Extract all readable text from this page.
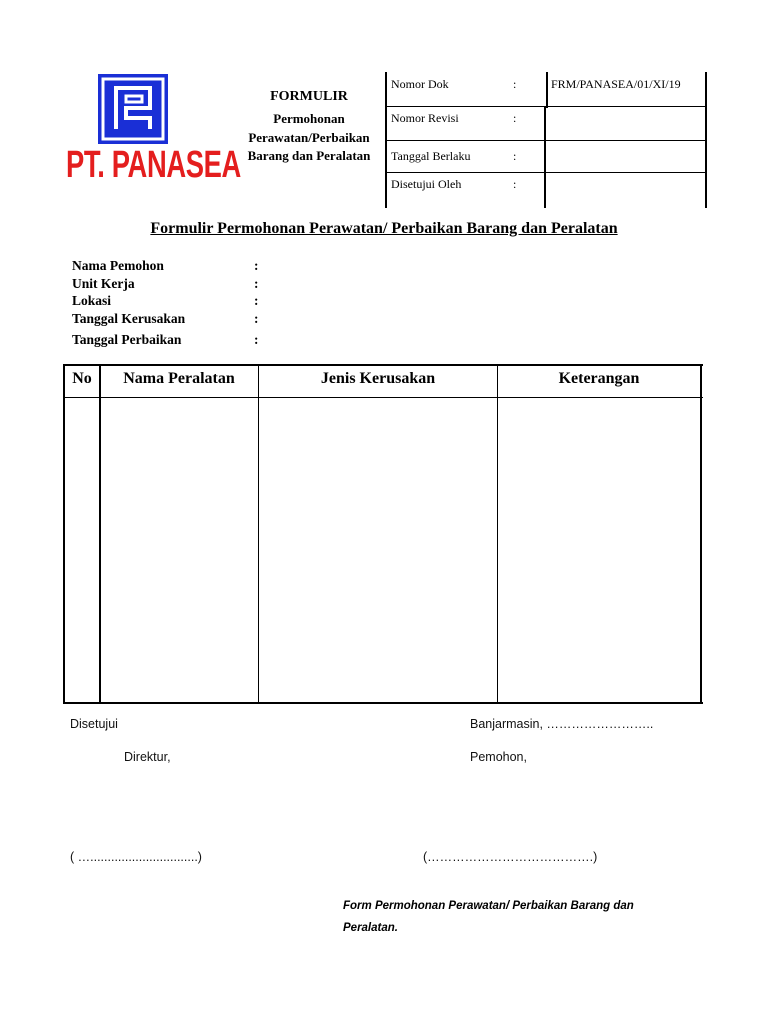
PT. PANASEA
FORMULIR
Permohonan Perawatan/Perbaikan Barang dan Peralatan
Nomor Dok	:	FRM/PANASEA/01/XI/19
Nomor Revisi	:
Tanggal Berlaku	:
Disetujui Oleh	:
Formulir Permohonan Perawatan/ Perbaikan Barang dan Peralatan
Nama Pemohon	:
Unit Kerja	:
Lokasi	:
Tanggal Kerusakan	:
Tanggal Perbaikan	:
No	Nama Peralatan	Jenis Kerusakan	Keterangan
Disetujui	Banjarmasin, ……………………..
Direktur,	Pemohon,
( …...............................)	(………………………………….)
Form Permohonan Perawatan/ Perbaikan Barang dan Peralatan.
